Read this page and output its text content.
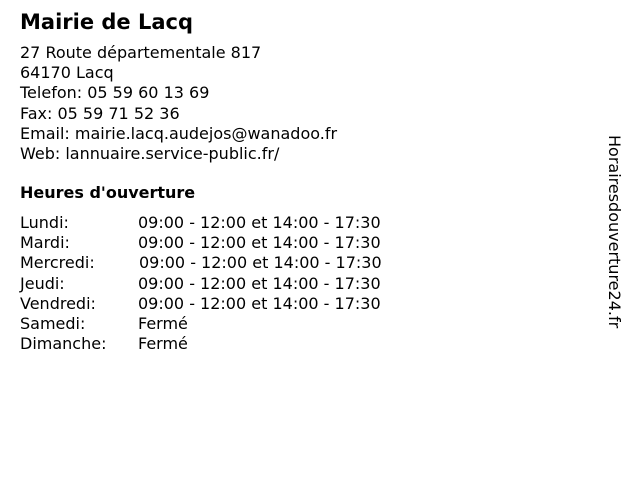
Mairie de Lacq
27 Route départementale 817
64170 Lacq
Telefon: 05 59 60 13 69
Fax: 05 59 71 52 36
Email: mairie.lacq.audejos@wanadoo.fr
Web: lannuaire.service-public.fr/
Heures d'ouverture
Lundi:	09:00 - 12:00 et 14:00 - 17:30
Mardi:	09:00 - 12:00 et 14:00 - 17:30
Mercredi:	09:00 - 12:00 et 14:00 - 17:30
Jeudi:	09:00 - 12:00 et 14:00 - 17:30
Vendredi:	09:00 - 12:00 et 14:00 - 17:30
Samedi:	Fermé
Dimanche: Fermé
Horairesdouverture24.fr
